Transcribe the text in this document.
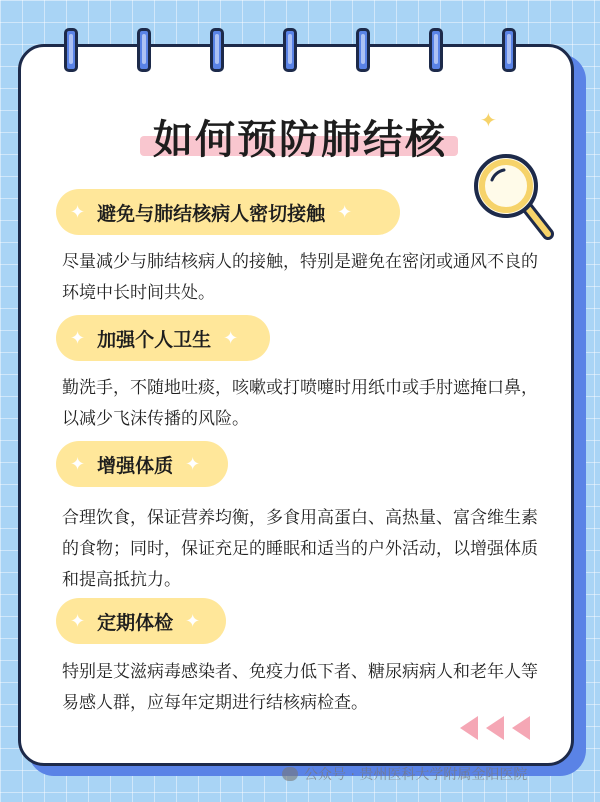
如何预防肺结核	✦
✦ 避免与肺结核病人密切接触 ✦

尽量减少与肺结核病人的接触，特别是避免在密闭或通风不良的环境中长时间共处。

✦ 加强个人卫生 ✦

勤洗手，不随地吐痰，咳嗽或打喷嚏时用纸巾或手肘遮掩口鼻，以减少飞沫传播的风险。

✦ 增强体质 ✦

合理饮食，保证营养均衡，多食用高蛋白、高热量、富含维生素的食物；同时，保证充足的睡眠和适当的户外活动，以增强体质和提高抵抗力。

✦ 定期体检 ✦

特别是艾滋病毒感染者、免疫力低下者、糖尿病病人和老年人等易感人群，应每年定期进行结核病检查。

公众号 · 贵州医科大学附属金阳医院
